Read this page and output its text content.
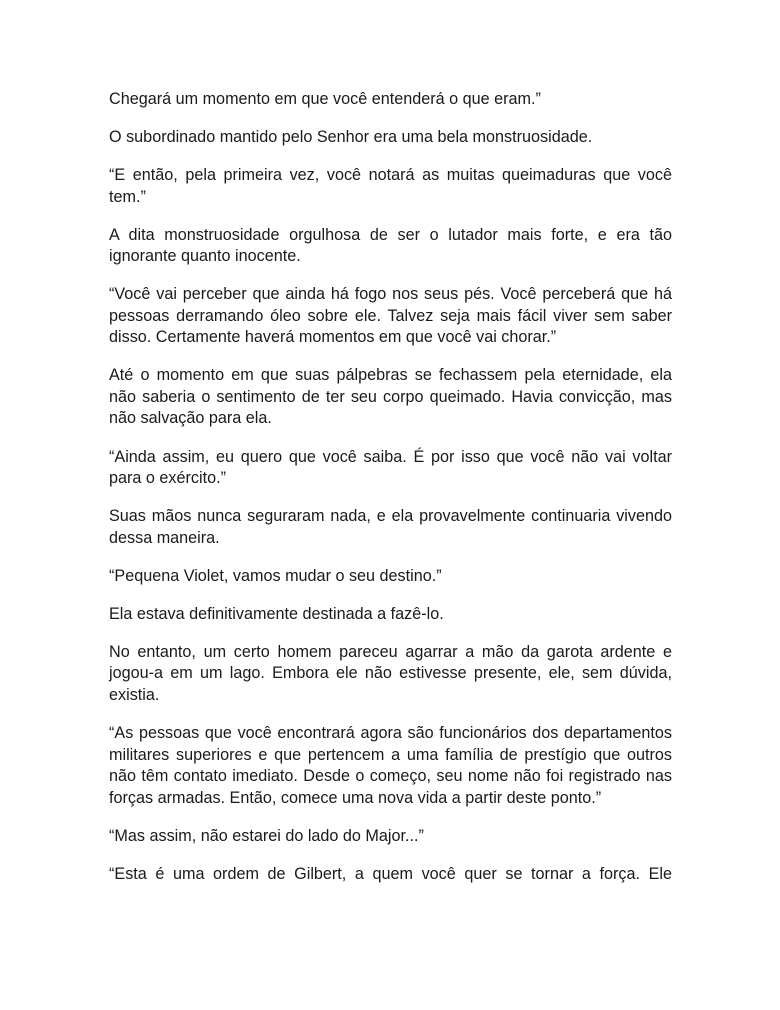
Chegará um momento em que você entenderá o que eram.”

O subordinado mantido pelo Senhor era uma bela monstruosidade.

“E então, pela primeira vez, você notará as muitas queimaduras que você tem.”

A dita monstruosidade orgulhosa de ser o lutador mais forte, e era tão ignorante quanto inocente.

“Você vai perceber que ainda há fogo nos seus pés. Você perceberá que há pessoas derramando óleo sobre ele. Talvez seja mais fácil viver sem saber disso. Certamente haverá momentos em que você vai chorar.”

Até o momento em que suas pálpebras se fechassem pela eternidade, ela não saberia o sentimento de ter seu corpo queimado. Havia convicção, mas não salvação para ela.

“Ainda assim, eu quero que você saiba. É por isso que você não vai voltar para o exército.”

Suas mãos nunca seguraram nada, e ela provavelmente continuaria vivendo dessa maneira.

“Pequena Violet, vamos mudar o seu destino.”

Ela estava definitivamente destinada a fazê-lo.

No entanto, um certo homem pareceu agarrar a mão da garota ardente e jogou-a em um lago. Embora ele não estivesse presente, ele, sem dúvida, existia.

“As pessoas que você encontrará agora são funcionários dos departamentos militares superiores e que pertencem a uma família de prestígio que outros não têm contato imediato. Desde o começo, seu nome não foi registrado nas forças armadas. Então, comece uma nova vida a partir deste ponto.”

“Mas assim, não estarei do lado do Major...”

“Esta é uma ordem de Gilbert, a quem você quer se tornar a força. Ele
